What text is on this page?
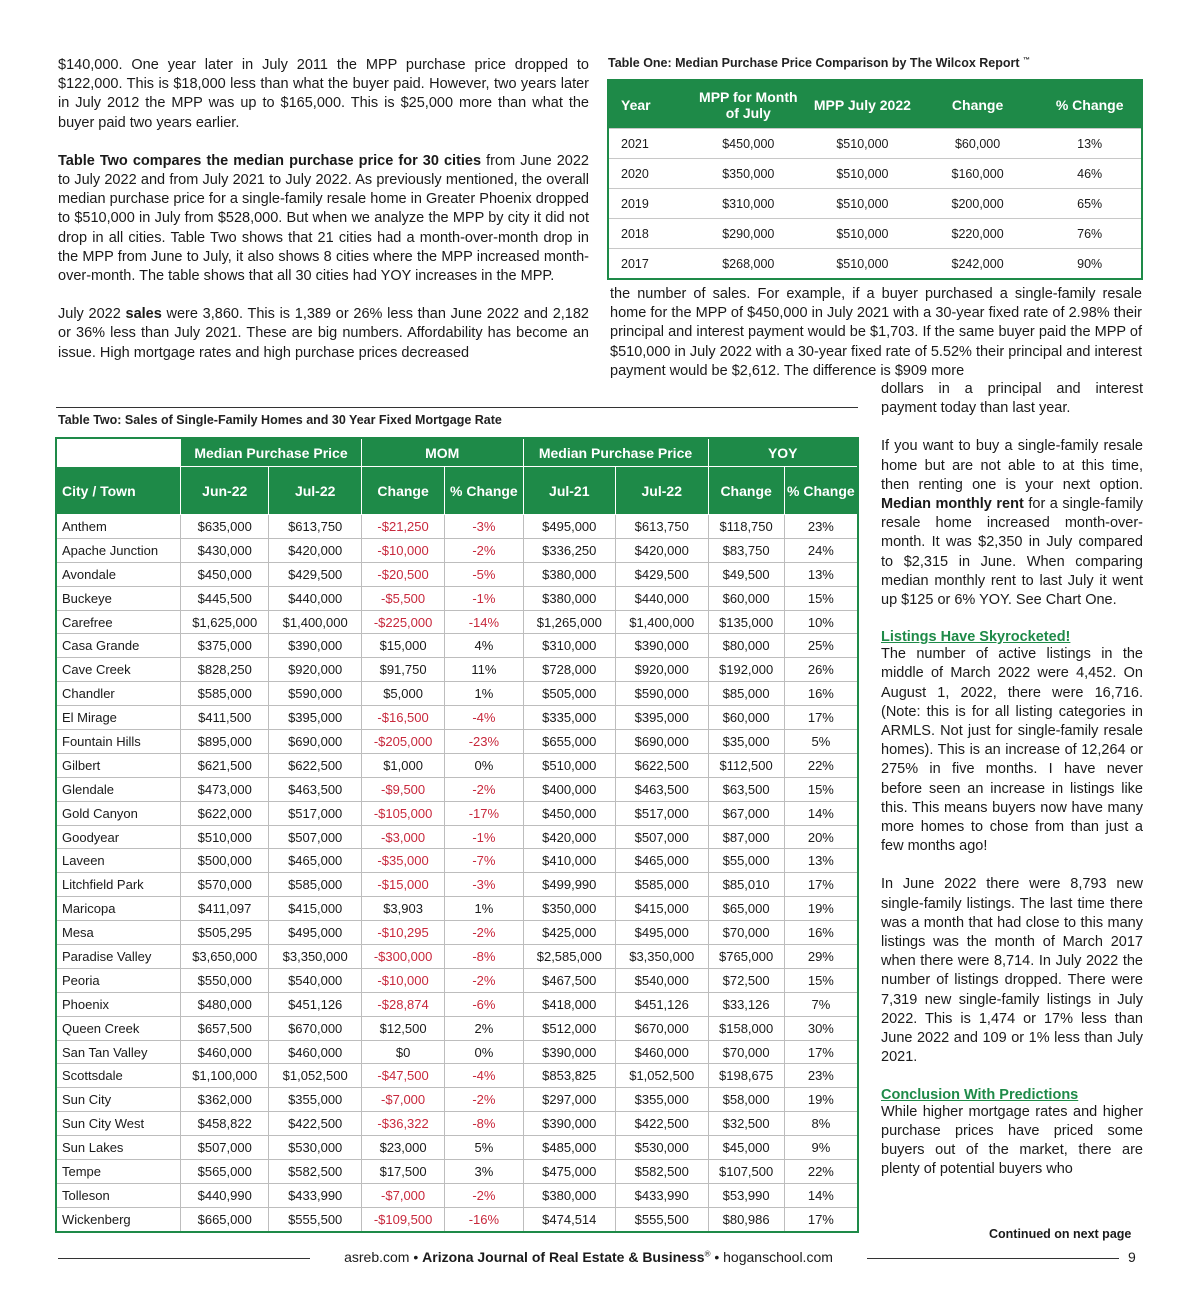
$140,000. One year later in July 2011 the MPP purchase price dropped to $122,000. This is $18,000 less than what the buyer paid. However, two years later in July 2012 the MPP was up to $165,000. This is $25,000 more than what the buyer paid two years earlier.

Table Two compares the median purchase price for 30 cities from June 2022 to July 2022 and from July 2021 to July 2022. As previously mentioned, the overall median purchase price for a single-family resale home in Greater Phoenix dropped to $510,000 in July from $528,000. But when we analyze the MPP by city it did not drop in all cities. Table Two shows that 21 cities had a month-over-month drop in the MPP from June to July, it also shows 8 cities where the MPP increased month-over-month. The table shows that all 30 cities had YOY increases in the MPP.

July 2022 sales were 3,860. This is 1,389 or 26% less than June 2022 and 2,182 or 36% less than July 2021. These are big numbers. Affordability has become an issue. High mortgage rates and high purchase prices decreased

Table One: Median Purchase Price Comparison by The Wilcox Report ™
Year	MPP for Month of July	MPP July 2022	Change	% Change
2021	$450,000	$510,000	$60,000	13%
2020	$350,000	$510,000	$160,000	46%
2019	$310,000	$510,000	$200,000	65%
2018	$290,000	$510,000	$220,000	76%
2017	$268,000	$510,000	$242,000	90%

the number of sales. For example, if a buyer purchased a single-family resale home for the MPP of $450,000 in July 2021 with a 30-year fixed rate of 2.98% their principal and interest payment would be $1,703. If the same buyer paid the MPP of $510,000 in July 2022 with a 30-year fixed rate of 5.52% their principal and interest payment would be $2,612. The difference is $909 more

dollars in a principal and interest payment today than last year.

If you want to buy a single-family resale home but are not able to at this time, then renting one is your next option. Median monthly rent for a single-family resale home increased month-over-month. It was $2,350 in July compared to $2,315 in June. When comparing median monthly rent to last July it went up $125 or 6% YOY. See Chart One.

Listings Have Skyrocketed!

The number of active listings in the middle of March 2022 were 4,452. On August 1, 2022, there were 16,716. (Note: this is for all listing categories in ARMLS. Not just for single-family resale homes). This is an increase of 12,264 or 275% in five months. I have never before seen an increase in listings like this. This means buyers now have many more homes to chose from than just a few months ago!

In June 2022 there were 8,793 new single-family listings. The last time there was a month that had close to this many listings was the month of March 2017 when there were 8,714. In July 2022 the number of listings dropped. There were 7,319 new single-family listings in July 2022. This is 1,474 or 17% less than June 2022 and 109 or 1% less than July 2021.

Conclusion With Predictions

While higher mortgage rates and higher purchase prices have priced some buyers out of the market, there are plenty of potential buyers who

Continued on next page
Table Two: Sales of Single-Family Homes and 30 Year Fixed Mortgage Rate
	Median Purchase Price		MOM		Median Purchase Price		YOY	
City / Town	Jun-22	Jul-22	Change	% Change	Jul-21	Jul-22	Change	% Change
Anthem	$635,000	$613,750	-$21,250	-3%	$495,000	$613,750	$118,750	23%
Apache Junction	$430,000	$420,000	-$10,000	-2%	$336,250	$420,000	$83,750	24%
Avondale	$450,000	$429,500	-$20,500	-5%	$380,000	$429,500	$49,500	13%
Buckeye	$445,500	$440,000	-$5,500	-1%	$380,000	$440,000	$60,000	15%
Carefree	$1,625,000	$1,400,000	-$225,000	-14%	$1,265,000	$1,400,000	$135,000	10%
Casa Grande	$375,000	$390,000	$15,000	4%	$310,000	$390,000	$80,000	25%
Cave Creek	$828,250	$920,000	$91,750	11%	$728,000	$920,000	$192,000	26%
Chandler	$585,000	$590,000	$5,000	1%	$505,000	$590,000	$85,000	16%
El Mirage	$411,500	$395,000	-$16,500	-4%	$335,000	$395,000	$60,000	17%
Fountain Hills	$895,000	$690,000	-$205,000	-23%	$655,000	$690,000	$35,000	5%
Gilbert	$621,500	$622,500	$1,000	0%	$510,000	$622,500	$112,500	22%
Glendale	$473,000	$463,500	-$9,500	-2%	$400,000	$463,500	$63,500	15%
Gold Canyon	$622,000	$517,000	-$105,000	-17%	$450,000	$517,000	$67,000	14%
Goodyear	$510,000	$507,000	-$3,000	-1%	$420,000	$507,000	$87,000	20%
Laveen	$500,000	$465,000	-$35,000	-7%	$410,000	$465,000	$55,000	13%
Litchfield Park	$570,000	$585,000	-$15,000	-3%	$499,990	$585,000	$85,010	17%
Maricopa	$411,097	$415,000	$3,903	1%	$350,000	$415,000	$65,000	19%
Mesa	$505,295	$495,000	-$10,295	-2%	$425,000	$495,000	$70,000	16%
Paradise Valley	$3,650,000	$3,350,000	-$300,000	-8%	$2,585,000	$3,350,000	$765,000	29%
Peoria	$550,000	$540,000	-$10,000	-2%	$467,500	$540,000	$72,500	15%
Phoenix	$480,000	$451,126	-$28,874	-6%	$418,000	$451,126	$33,126	7%
Queen Creek	$657,500	$670,000	$12,500	2%	$512,000	$670,000	$158,000	30%
San Tan Valley	$460,000	$460,000	$0	0%	$390,000	$460,000	$70,000	17%
Scottsdale	$1,100,000	$1,052,500	-$47,500	-4%	$853,825	$1,052,500	$198,675	23%
Sun City	$362,000	$355,000	-$7,000	-2%	$297,000	$355,000	$58,000	19%
Sun City West	$458,822	$422,500	-$36,322	-8%	$390,000	$422,500	$32,500	8%
Sun Lakes	$507,000	$530,000	$23,000	5%	$485,000	$530,000	$45,000	9%
Tempe	$565,000	$582,500	$17,500	3%	$475,000	$582,500	$107,500	22%
Tolleson	$440,990	$433,990	-$7,000	-2%	$380,000	$433,990	$53,990	14%
Wickenberg	$665,000	$555,500	-$109,500	-16%	$474,514	$555,500	$80,986	17%
asreb.com • Arizona Journal of Real Estate & Business® • hoganschool.com	9
